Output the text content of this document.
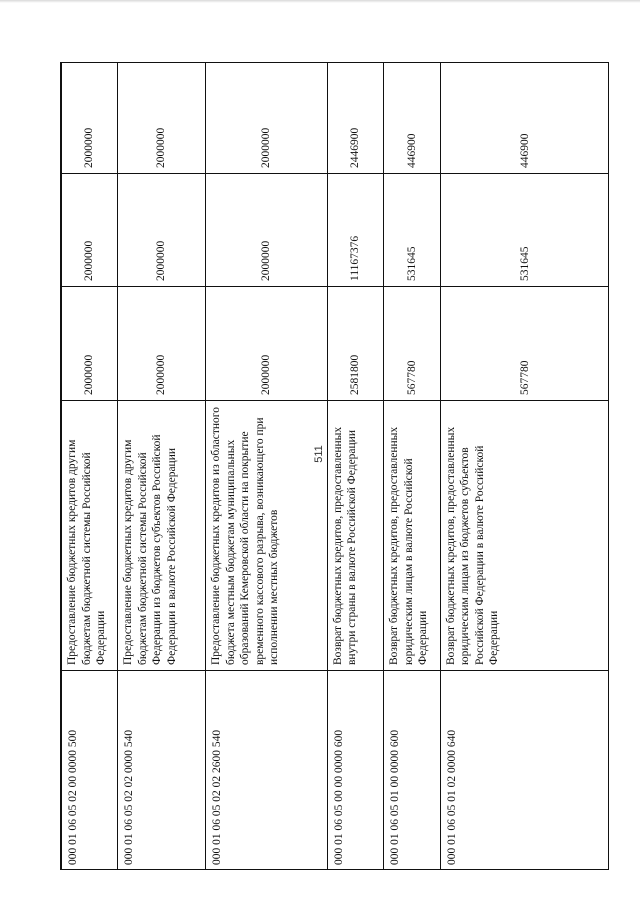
511
000 01 06 05 02 00 0000 500	Предоставление бюджетных кредитов другим бюджетам бюджетной системы Российской Федерации	2000000	2000000	2000000
000 01 06 05 02 02 0000 540	Предоставление бюджетных кредитов другим бюджетам бюджетной системы Российской Федерации из бюджетов субъектов Российской Федерации в валюте Российской Федерации	2000000	2000000	2000000
000 01 06 05 02 02 2600 540	Предоставление бюджетных кредитов из областного бюджета местным бюджетам муниципальных образований Кемеровской области на покрытие временного кассового разрыва, возникающего при исполнении местных бюджетов	2000000	2000000	2000000
000 01 06 05 00 00 0000 600	Возврат бюджетных кредитов, предоставленных внутри страны в валюте Российской Федерации	2581800	11167376	2446900
000 01 06 05 01 00 0000 600	Возврат бюджетных кредитов, предоставленных юридическим лицам в валюте Российской Федерации	567780	531645	446900
000 01 06 05 01 02 0000 640	Возврат бюджетных кредитов, предоставленных юридическим лицам из бюджетов субъектов Российской Федерации в валюте Российской Федерации	567780	531645	446900
